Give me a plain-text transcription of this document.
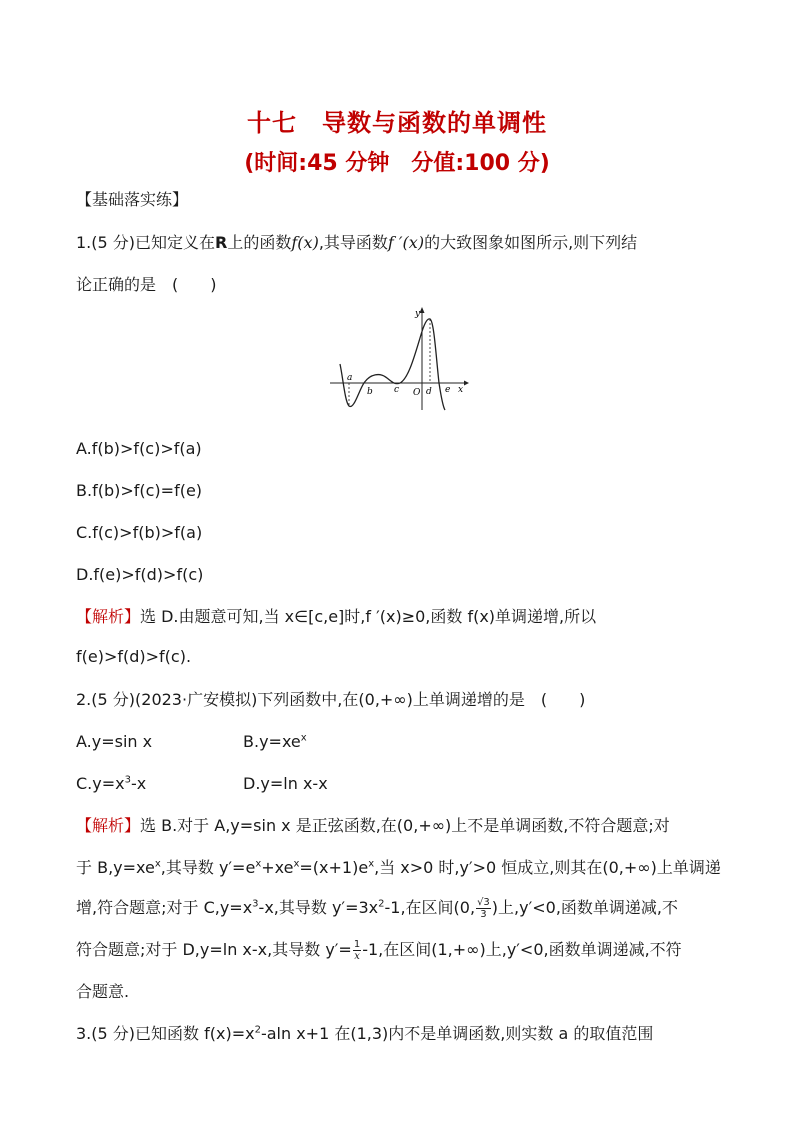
十七　导数与函数的单调性
(时间:45 分钟　分值:100 分)
【基础落实练】
1.(5 分)已知定义在R上的函数f(x),其导函数f ′(x)的大致图象如图所示,则下列结
论正确的是　(　　)
y
a
b c O d e x
A.f(b)>f(c)>f(a)
B.f(b)>f(c)=f(e)
C.f(c)>f(b)>f(a)
D.f(e)>f(d)>f(c)
【解析】选 D.由题意可知,当 x∈[c,e]时,f ′(x)≥0,函数 f(x)单调递增,所以
f(e)>f(d)>f(c).
2.(5 分)(2023·广安模拟)下列函数中,在(0,+∞)上单调递增的是　(　　)
A.y=sin x	$B.y=xe^x$
$C.y=x^3-x$	D.y=ln x-x
【解析】选 B.对于 A,y=sin x 是正弦函数,在(0,+∞)上不是单调函数,不符合题意;对
于 $B,y=xe^x$,其导数 $y'=e^x+xe^x=(x+1)e^x$,当 x>0 时,y′>0 恒成立,则其在(0,+∞)上单调递
增,符合题意;对于 $C,y=x^3-x$,其导数 $y'=3x^2-1$,在区间(0, $\frac{√3}{3}$ )上,y′<0,函数单调递减,不
符合题意;对于 D,y=ln x-x,其导数 $y'= \frac{1}{x} -1$,在区间(1,+∞)上,y′<0,函数单调递减,不符
合题意.
3.(5 分)已知函数 $f(x)=x^2$-aln x+1 在(1,3)内不是单调函数,则实数 a 的取值范围
